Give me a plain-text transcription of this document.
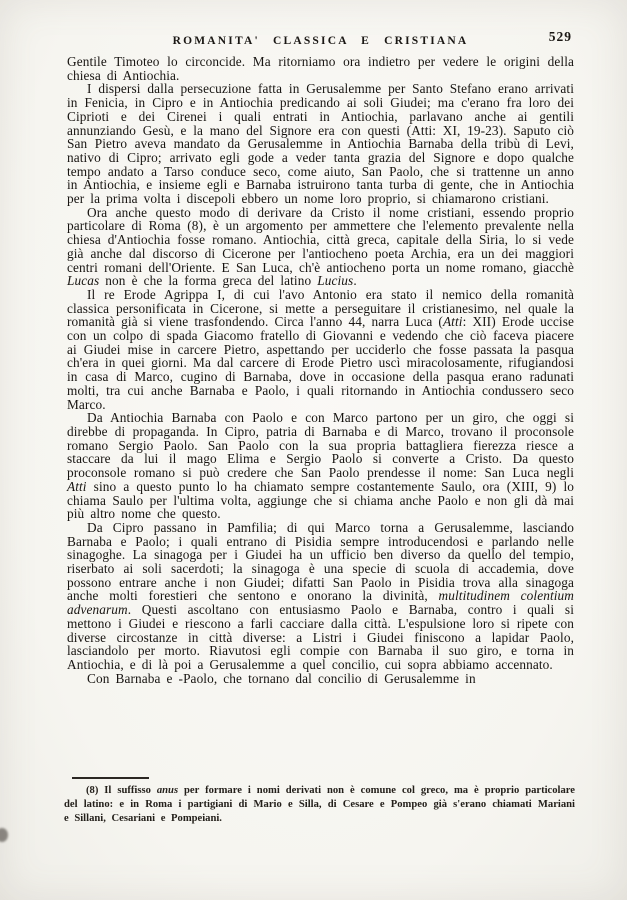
ROMANITA' CLASSICA E CRISTIANA	529

Gentile Timoteo lo circoncide. Ma ritorniamo ora indietro per vedere le origini della chiesa di Antiochia.

I dispersi dalla persecuzione fatta in Gerusalemme per Santo Stefano erano arrivati in Fenicia, in Cipro e in Antiochia predicando ai soli Giudei; ma c'erano fra loro dei Ciprioti e dei Cirenei i quali entrati in Antiochia, parlavano anche ai gentili annunziando Gesù, e la mano del Signore era con questi (Atti: XI, 19-23). Saputo ciò San Pietro aveva mandato da Gerusalemme in Antiochia Barnaba della tribù di Levi, nativo di Cipro; arrivato egli gode a veder tanta grazia del Signore e dopo qualche tempo andato a Tarso conduce seco, come aiuto, San Paolo, che si trattenne un anno in Antiochia, e insieme egli e Barnaba istruirono tanta turba di gente, che in Antiochia per la prima volta i discepoli ebbero un nome loro proprio, si chiamarono cristiani.

Ora anche questo modo di derivare da Cristo il nome cristiani, essendo proprio particolare di Roma (8), è un argomento per ammettere che l'elemento prevalente nella chiesa d'Antiochia fosse romano. Antiochia, città greca, capitale della Siria, lo si vede già anche dal discorso di Cicerone per l'antiocheno poeta Archia, era un dei maggiori centri romani dell'Oriente. E San Luca, ch'è antiocheno porta un nome romano, giacchè Lucas non è che la forma greca del latino Lucius.

Il re Erode Agrippa I, di cui l'avo Antonio era stato il nemico della romanità classica personificata in Cicerone, si mette a perseguitare il cristianesimo, nel quale la romanità già si viene trasfondendo. Circa l'anno 44, narra Luca (Atti: XII) Erode uccise con un colpo di spada Giacomo fratello di Giovanni e vedendo che ciò faceva piacere ai Giudei mise in carcere Pietro, aspettando per ucciderlo che fosse passata la pasqua ch'era in quei giorni. Ma dal carcere di Erode Pietro uscì miracolosamente, rifugiandosi in casa di Marco, cugino di Barnaba, dove in occasione della pasqua erano radunati molti, tra cui anche Barnaba e Paolo, i quali ritornando in Antiochia condussero seco Marco.

Da Antiochia Barnaba con Paolo e con Marco partono per un giro, che oggi si direbbe di propaganda. In Cipro, patria di Barnaba e di Marco, trovano il proconsole romano Sergio Paolo. San Paolo con la sua propria battagliera fierezza riesce a staccare da lui il mago Elima e Sergio Paolo si converte a Cristo. Da questo proconsole romano si può credere che San Paolo prendesse il nome: San Luca negli Atti sino a questo punto lo ha chiamato sempre costantemente Saulo, ora (XIII, 9) lo chiama Saulo per l'ultima volta, aggiunge che si chiama anche Paolo e non gli dà mai più altro nome che questo.

Da Cipro passano in Pamfilia; di qui Marco torna a Gerusalemme, lasciando Barnaba e Paolo; i quali entrano di Pisidia sempre introducendosi e parlando nelle sinagoghe. La sinagoga per i Giudei ha un ufficio ben diverso da quello del tempio, riserbato ai soli sacerdoti; la sinagoga è una specie di scuola di accademia, dove possono entrare anche i non Giudei; difatti San Paolo in Pisidia trova alla sinagoga anche molti forestieri che sentono e onorano la divinità, multitudinem colentium advenarum. Questi ascoltano con entusiasmo Paolo e Barnaba, contro i quali si mettono i Giudei e riescono a farli cacciare dalla città. L'espulsione loro si ripete con diverse circostanze in città diverse: a Listri i Giudei finiscono a lapidar Paolo, lasciandolo per morto. Riavutosi egli compie con Barnaba il suo giro, e torna in Antiochia, e di là poi a Gerusalemme a quel concilio, cui sopra abbiamo accennato.

Con Barnaba e -Paolo, che tornano dal concilio di Gerusalemme in

(8) Il suffisso anus per formare i nomi derivati non è comune col greco, ma è proprio particolare del latino: e in Roma i partigiani di Mario e Silla, di Cesare e Pompeo già s'erano chiamati Mariani e Sillani, Cesariani e Pompeiani.
